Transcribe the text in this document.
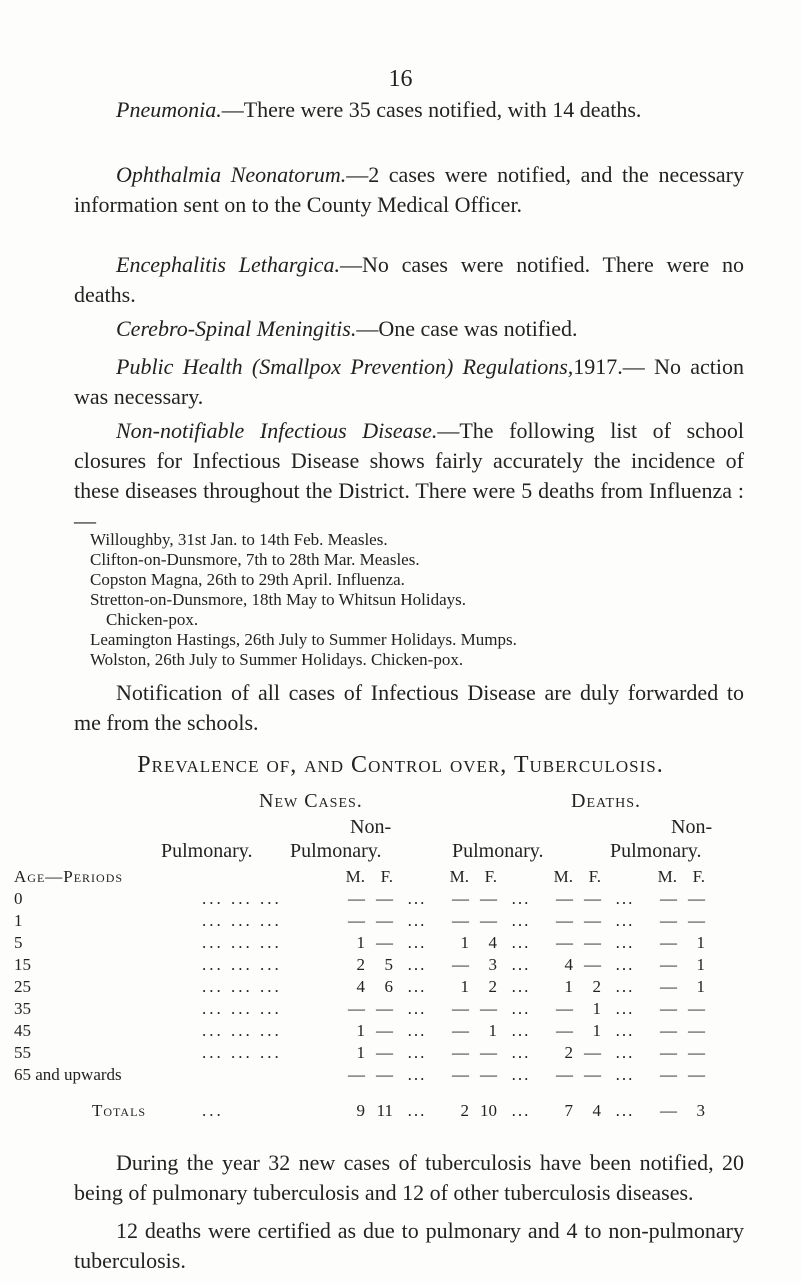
16

Pneumonia.—There were 35 cases notified, with 14 deaths.

Ophthalmia Neonatorum.—2 cases were notified, and the necessary information sent on to the County Medical Officer.

Encephalitis Lethargica.—No cases were notified. There were no deaths.

Cerebro-Spinal Meningitis.—One case was notified.

Public Health (Smallpox Prevention) Regulations,1917.— No action was necessary.

Non-notifiable Infectious Disease.—The following list of school closures for Infectious Disease shows fairly accurately the incidence of these diseases throughout the District. There were 5 deaths from Influenza :—

Willoughby, 31st Jan. to 14th Feb. Measles.
Clifton-on-Dunsmore, 7th to 28th Mar. Measles.
Copston Magna, 26th to 29th April. Influenza.
Stretton-on-Dunsmore, 18th May to Whitsun Holidays.
Chicken-pox.
Leamington Hastings, 26th July to Summer Holidays. Mumps.
Wolston, 26th July to Summer Holidays. Chicken-pox.

Notification of all cases of Infectious Disease are duly forwarded to me from the schools.

Prevalence of, and Control over, Tuberculosis.
New Cases.	Deaths.
Non-	Non-
Pulmonary. Pulmonary.	Pulmonary.	Pulmonary.
Age—Periods		M.	F.		M.	F.		M.	F.		M.	F.
0	... ... ...	—	—	...	—	—	...	—	—	...	—	—
1	... ... ...	—	—	...	—	—	...	—	—	...	—	—
5	... ... ...	1	—	...	1	4	...	—	—	...	—	1
15	... ... ...	2	5	...	—	3	...	4	—	...	—	1
25	... ... ...	4	6	...	1	2	...	1	2	...	—	1
35	... ... ...	—	—	...	—	—	...	—	1	...	—	—
45	... ... ...	1	—	...	—	1	...	—	1	...	—	—
55	... ... ...	1	—	...	—	—	...	2	—	...	—	—
65 and upwards		—	—	...	—	—	...	—	—	...	—	—
Totals	...	9	11	...	2	10	...	7	4	...	—	3

During the year 32 new cases of tuberculosis have been notified, 20 being of pulmonary tuberculosis and 12 of other tuberculosis diseases.

12 deaths were certified as due to pulmonary and 4 to non-pulmonary tuberculosis.
